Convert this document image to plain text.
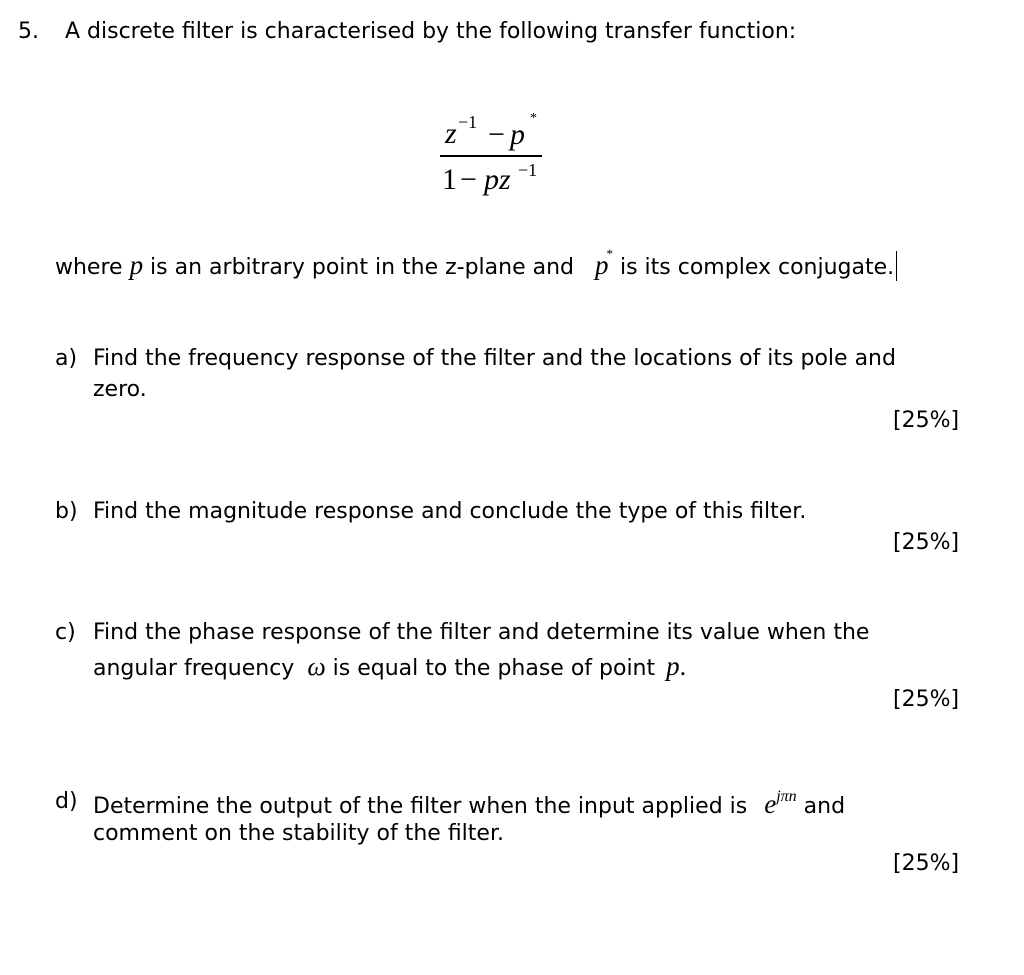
5. A discrete filter is characterised by the following transfer function:
z −1 − p *
1 − pz −1
where p is an arbitrary point in the z-plane and p* is its complex conjugate.
a) Find the frequency response of the filter and the locations of its pole and
zero.
[25%]
b) Find the magnitude response and conclude the type of this filter.
[25%]
c) Find the phase response of the filter and determine its value when the
angular frequency ω is equal to the phase of point p.
[25%]
d) Determine the output of the filter when the input applied is $e^{j\pi n}$ and
comment on the stability of the filter.
[25%]
